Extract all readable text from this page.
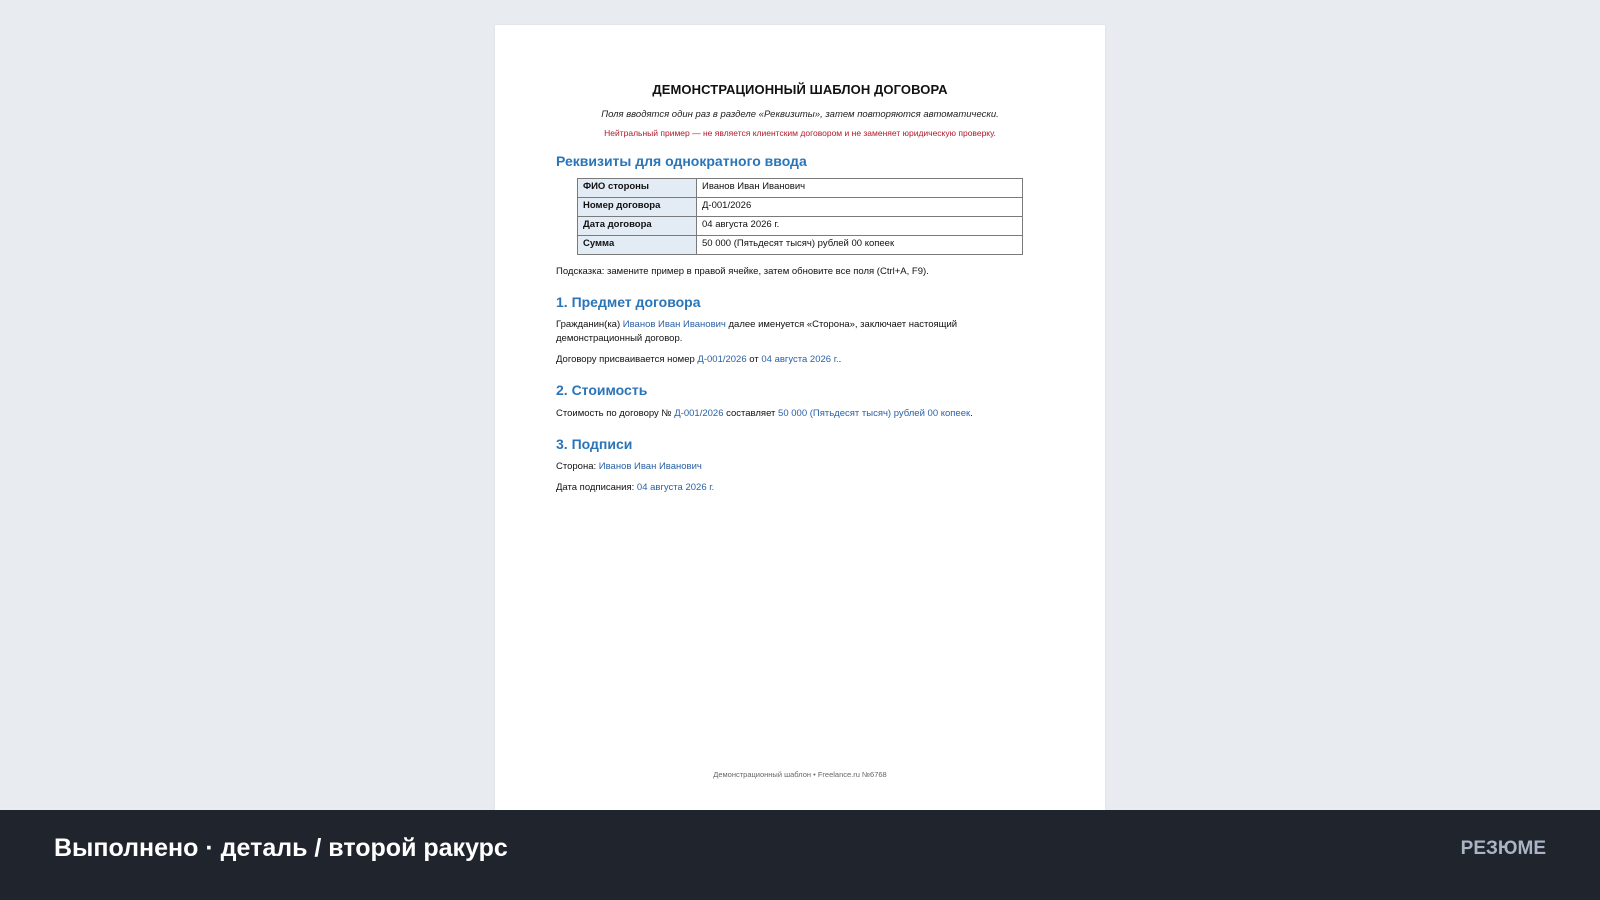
ДЕМОНСТРАЦИОННЫЙ ШАБЛОН ДОГОВОРА
Поля вводятся один раз в разделе «Реквизиты», затем повторяются автоматически.
Нейтральный пример — не является клиентским договором и не заменяет юридическую проверку.
Реквизиты для однократного ввода
ФИО стороны	Иванов Иван Иванович
Номер договора	Д-001/2026
Дата договора	04 августа 2026 г.
Сумма	50 000 (Пятьдесят тысяч) рублей 00 копеек
Подсказка: замените пример в правой ячейке, затем обновите все поля (Ctrl+A, F9).
1. Предмет договора
Гражданин(ка) Иванов Иван Иванович далее именуется «Сторона», заключает настоящий демонстрационный договор.
Договору присваивается номер Д-001/2026 от 04 августа 2026 г..
2. Стоимость
Стоимость по договору № Д-001/2026 составляет 50 000 (Пятьдесят тысяч) рублей 00 копеек.
3. Подписи
Сторона: Иванов Иван Иванович
Дата подписания: 04 августа 2026 г.
Демонстрационный шаблон • Freelance.ru №6768
Выполнено · деталь / второй ракурс	РЕЗЮМЕ
